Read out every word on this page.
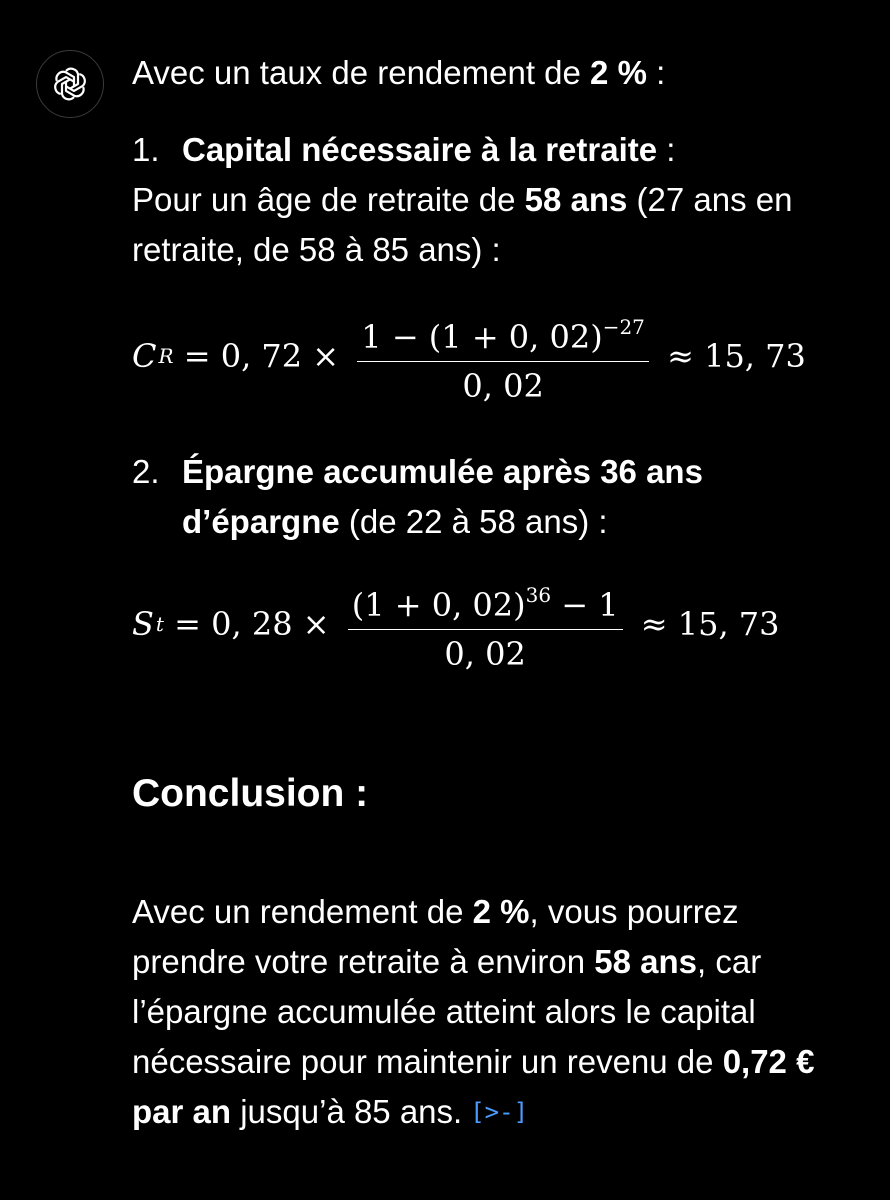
Avec un taux de rendement de 2 % :

1. Capital nécessaire à la retraite :
Pour un âge de retraite de 58 ans (27 ans en retraite, de 58 à 85 ans) :

C R = 0, $72 \times \frac{1 - (1 + 0, 02)^{-27}}{0, 02} \approx 15$, 73
2. Épargne accumulée après 36 ans d’épargne (de 22 à 58 ans) :
S t = 0, $28 \times \frac{(1 + 0, 02)^{36} - 1}{0, 02} \approx 15$, 73
Conclusion :

Avec un rendement de 2 %, vous pourrez prendre votre retraite à environ 58 ans, car l’épargne accumulée atteint alors le capital nécessaire pour maintenir un revenu de 0,72 € par an jusqu’à 85 ans. [>-]
